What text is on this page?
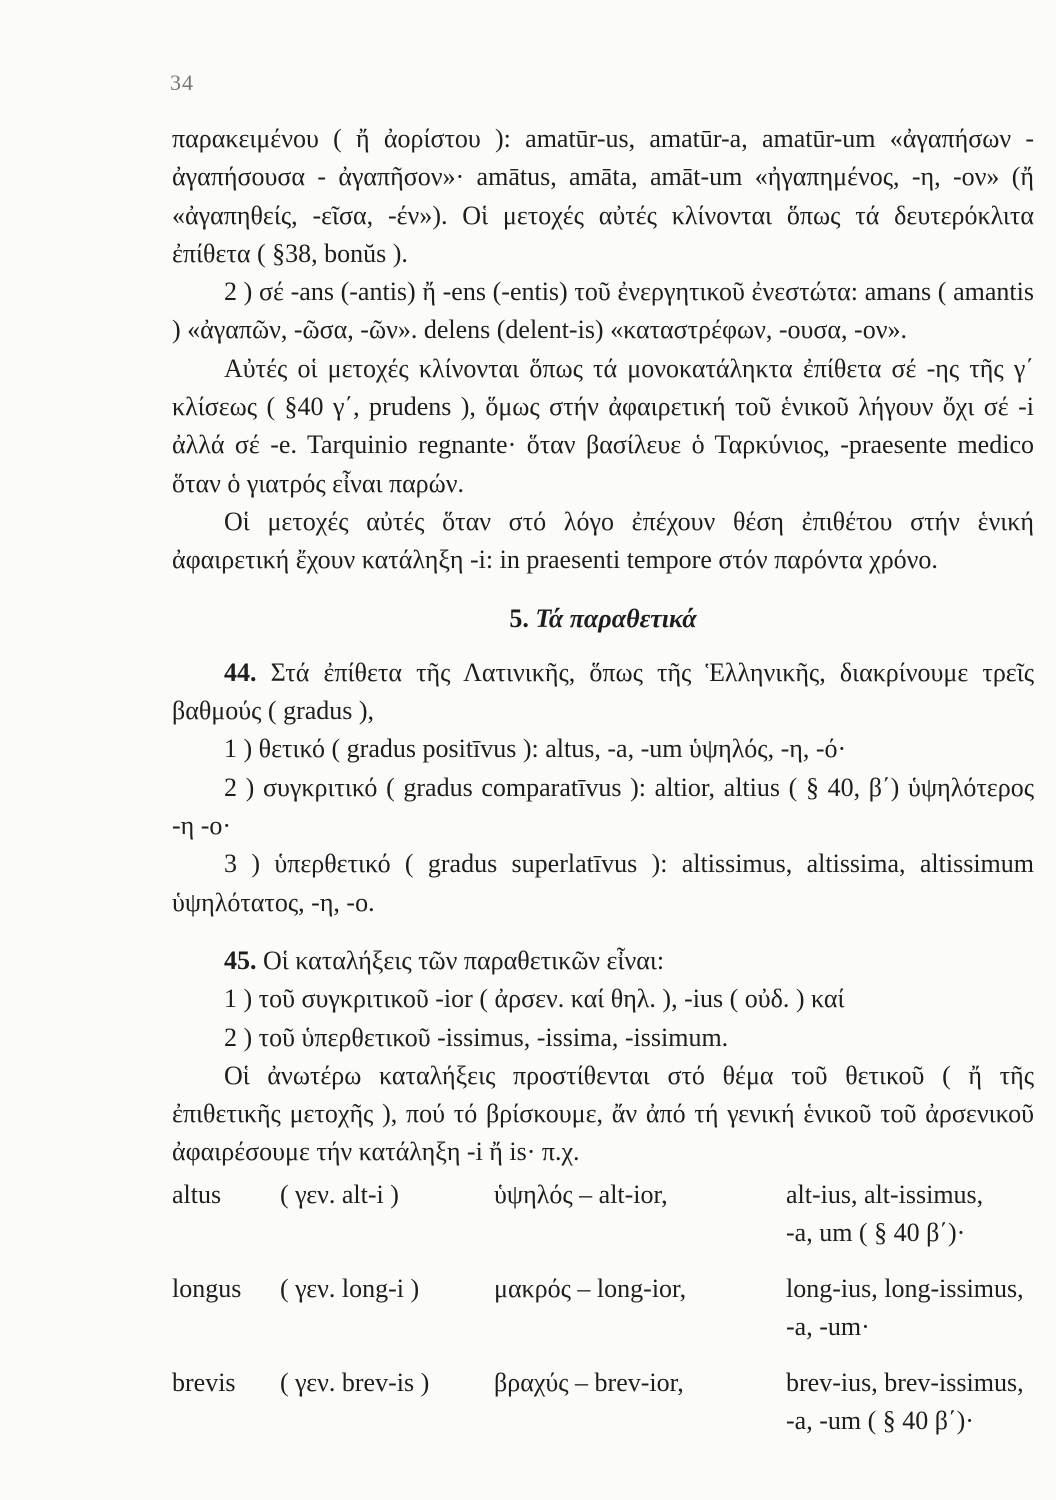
34

παρακειμένου ( ἤ ἀορίστου ): amatūr-us, amatūr-a, amatūr-um «ἀγαπήσων - ἀγαπήσουσα - ἀγαπῆσον»· amātus, amāta, amāt-um «ἠγαπημένος, -η, -ον» (ἤ «ἀγαπηθείς, -εῖσα, -έν»). Οἱ μετοχές αὐτές κλίνονται ὅπως τά δευτερόκλιτα ἐπίθετα ( §38, bonŭs ).

2 ) σέ -ans (-antis) ἤ -ens (-entis) τοῦ ἐνεργητικοῦ ἐνεστώτα: amans ( amantis ) «ἀγαπῶν, -ῶσα, -ῶν». delens (delent-is) «καταστρέφων, -ουσα, -ον».

Αὐτές οἱ μετοχές κλίνονται ὅπως τά μονοκατάληκτα ἐπίθετα σέ -ης τῆς γ΄ κλίσεως ( §40 γ΄, prudens ), ὅμως στήν ἀφαιρετική τοῦ ἑνικοῦ λήγουν ὄχι σέ -i ἀλλά σέ -e. Tarquinio regnante· ὅταν βασίλευε ὁ Ταρκύνιος, -praesente medico ὅταν ὁ γιατρός εἶναι παρών.

Οἱ μετοχές αὐτές ὅταν στό λόγο ἐπέχουν θέση ἐπιθέτου στήν ἑνική ἀφαιρετική ἔχουν κατάληξη -i: in praesenti tempore στόν παρόντα χρόνο.

5. Τά παραθετικά

44. Στά ἐπίθετα τῆς Λατινικῆς, ὅπως τῆς Ἑλληνικῆς, διακρίνουμε τρεῖς βαθμούς ( gradus ),

1 ) θετικό ( gradus positīvus ): altus, -a, -um ὑψηλός, -η, -ό·

2 ) συγκριτικό ( gradus comparatīvus ): altior, altius ( § 40, β΄) ὑψηλότερος -η -ο·

3 ) ὑπερθετικό ( gradus superlatīvus ): altissimus, altissima, altissimum ὑψηλότατος, -η, -ο.

45. Οἱ καταλήξεις τῶν παραθετικῶν εἶναι:

1 ) τοῦ συγκριτικοῦ -ior ( ἀρσεν. καί θηλ. ), -ius ( οὐδ. ) καί

2 ) τοῦ ὑπερθετικοῦ -issimus, -issima, -issimum.

Οἱ ἀνωτέρω καταλήξεις προστίθενται στό θέμα τοῦ θετικοῦ ( ἤ τῆς ἐπιθετικῆς μετοχῆς ), πού τό βρίσκουμε, ἄν ἀπό τή γενική ἑνικοῦ τοῦ ἀρσενικοῦ ἀφαιρέσουμε τήν κατάληξη -i ἤ is· π.χ.

altus	( γεν. alt-i )	ὑψηλός – alt-ior,	alt-ius, alt-issimus,
-a, um ( § 40 β΄)·

longus	( γεν. long-i )	μακρός – long-ior,	long-ius, long-issimus,
-a, -um·

brevis	( γεν. brev-is )	βραχύς – brev-ior,	brev-ius, brev-issimus,
-a, -um ( § 40 β΄)·
